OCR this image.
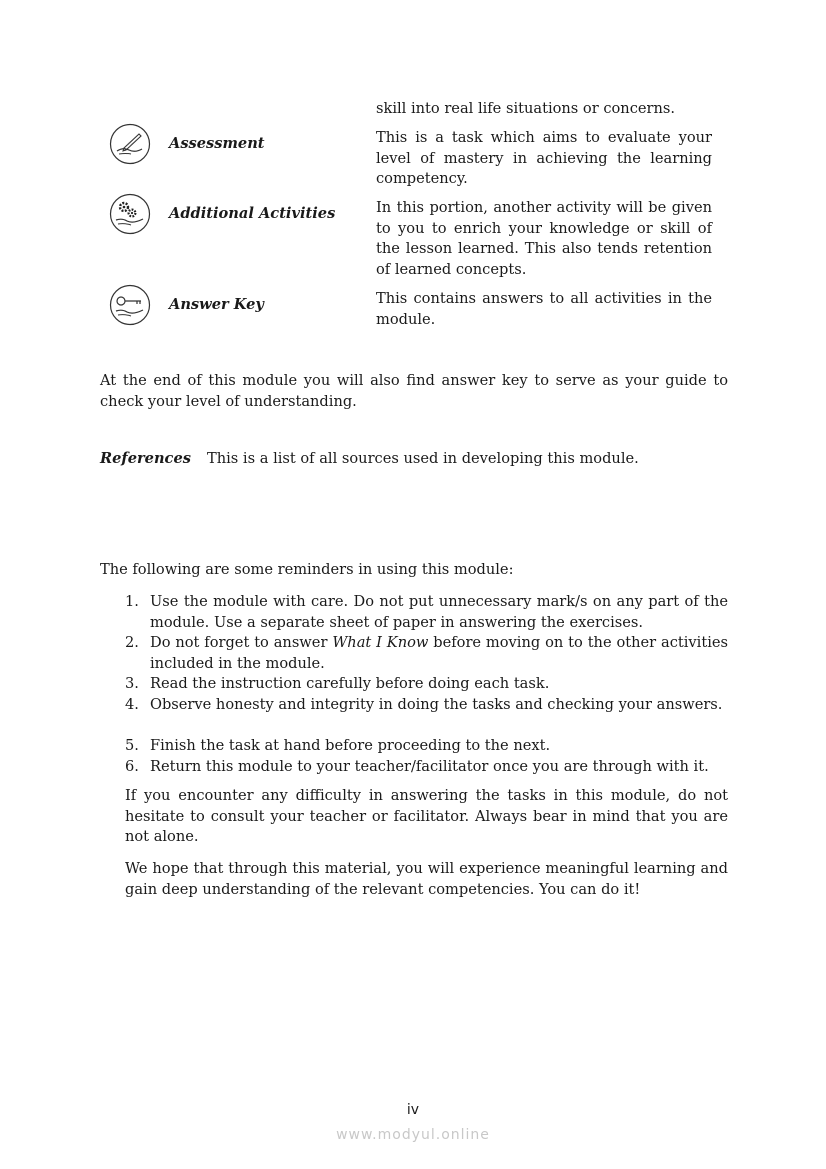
skill into real life situations or concerns.
Assessment	This is a task which aims to evaluate your level of mastery in achieving the learning competency.
Additional Activities	In this portion, another activity will be given to you to enrich your knowledge or skill of the lesson learned. This also tends retention of learned concepts.
Answer Key	This contains answers to all activities in the module.
At the end of this module you will also find answer key to serve as your guide to check your level of understanding.
References This is a list of all sources used in developing this module.
The following are some reminders in using this module:
1. Use the module with care. Do not put unnecessary mark/s on any part of the module. Use a separate sheet of paper in answering the exercises.
2. Do not forget to answer What I Know before moving on to the other activities included in the module.
3. Read the instruction carefully before doing each task.
4. Observe honesty and integrity in doing the tasks and checking your answers.
5. Finish the task at hand before proceeding to the next.
6. Return this module to your teacher/facilitator once you are through with it.
If you encounter any difficulty in answering the tasks in this module, do not hesitate to consult your teacher or facilitator. Always bear in mind that you are not alone.
We hope that through this material, you will experience meaningful learning and gain deep understanding of the relevant competencies. You can do it!
iv
www.modyul.online
